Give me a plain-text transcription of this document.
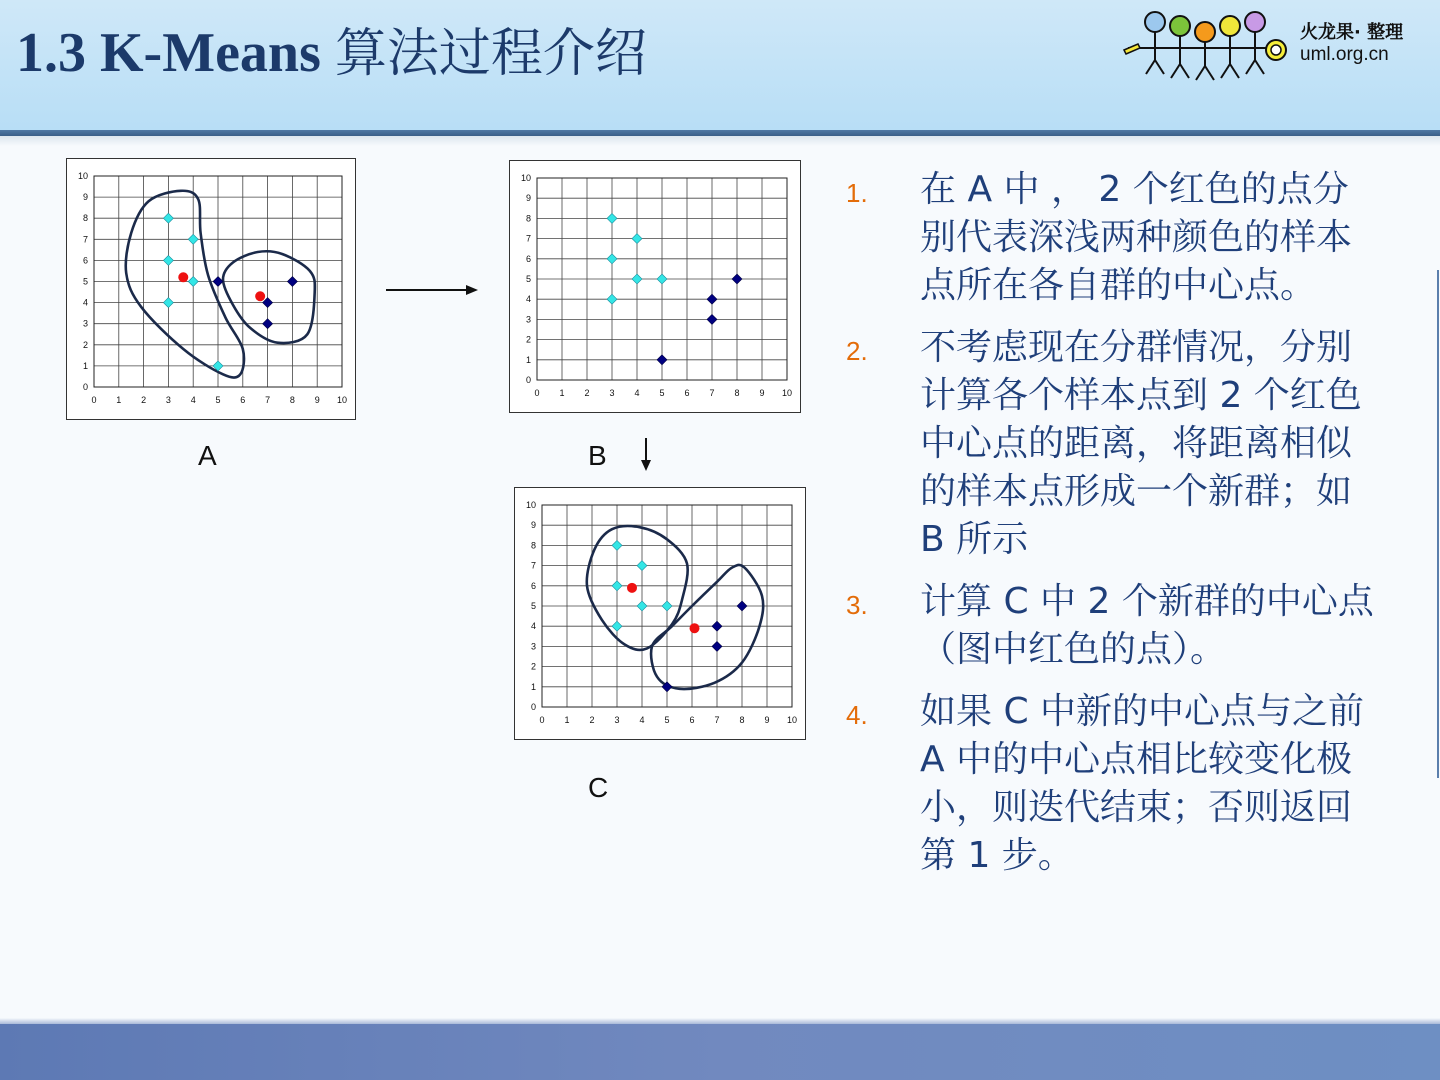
1.3 K-Means 算法过程介绍	火龙果· 整理
uml.org.cn
0 1 2 3 4 5 6 7 8 9 10
0
1
2
3
4
5
6
7
8
9
10
0 1 2 3 4 5 6 7 8 9 10
0
1
2
3
4
5
6
7
8
9
10
0 1 2 3 4 5 6 7 8 9 10
0
1
2
3
4
5
6
7
8
9
10
A	B
C
1. 在 A 中 ， 2 个红色的点分别代表深浅两种颜色的样本点所在各自群的中心点。
2. 不考虑现在分群情况，分别计算各个样本点到 2 个红色中心点的距离，将距离相似的样本点形成一个新群；如 B 所示
3. 计算 C 中 2 个新群的中心点（图中红色的点）。
4. 如果 C 中新的中心点与之前 A 中的中心点相比较变化极小，则迭代结束；否则返回第 1 步。
